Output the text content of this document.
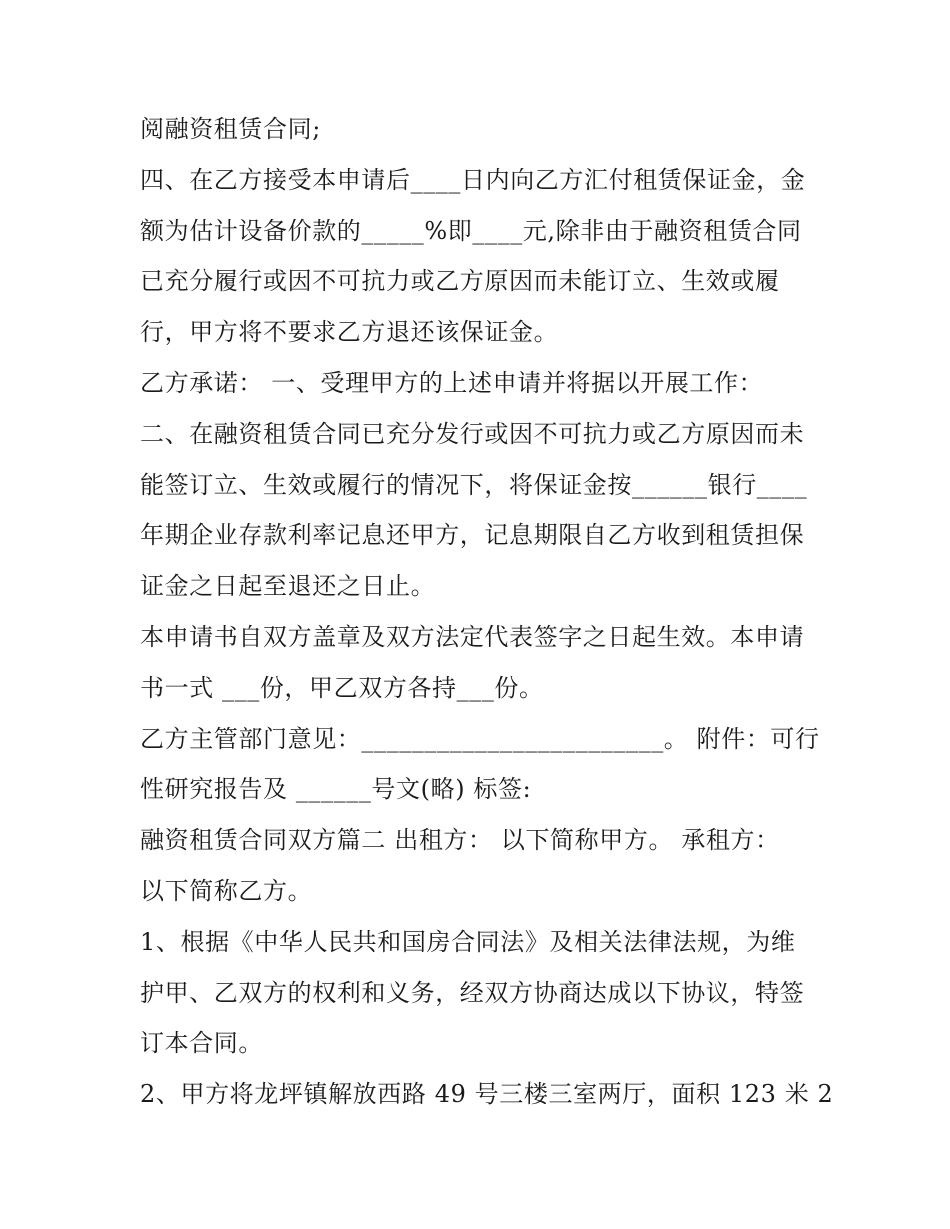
阅融资租赁合同;
四、在乙方接受本申请后____日内向乙方汇付租赁保证金，金
额为估计设备价款的_____%即____元,除非由于融资租赁合同
已充分履行或因不可抗力或乙方原因而未能订立、生效或履
行，甲方将不要求乙方退还该保证金。
乙方承诺： 一、受理甲方的上述申请并将据以开展工作：
二、在融资租赁合同已充分发行或因不可抗力或乙方原因而未
能签订立、生效或履行的情况下，将保证金按______银行____
年期企业存款利率记息还甲方，记息期限自乙方收到租赁担保
证金之日起至退还之日止。
本申请书自双方盖章及双方法定代表签字之日起生效。本申请
书一式 ___份，甲乙双方各持___份。
乙方主管部门意见：________________________。 附件：可行
性研究报告及 ______号文(略) 标签:
融资租赁合同双方篇二 出租方： 以下简称甲方。 承租方：
以下简称乙方。
1、根据《中华人民共和国房合同法》及相关法律法规，为维
护甲、乙双方的权利和义务，经双方协商达成以下协议，特签
订本合同。
2、甲方将龙坪镇解放西路 49 号三楼三室两厅，面积 123 米 2
